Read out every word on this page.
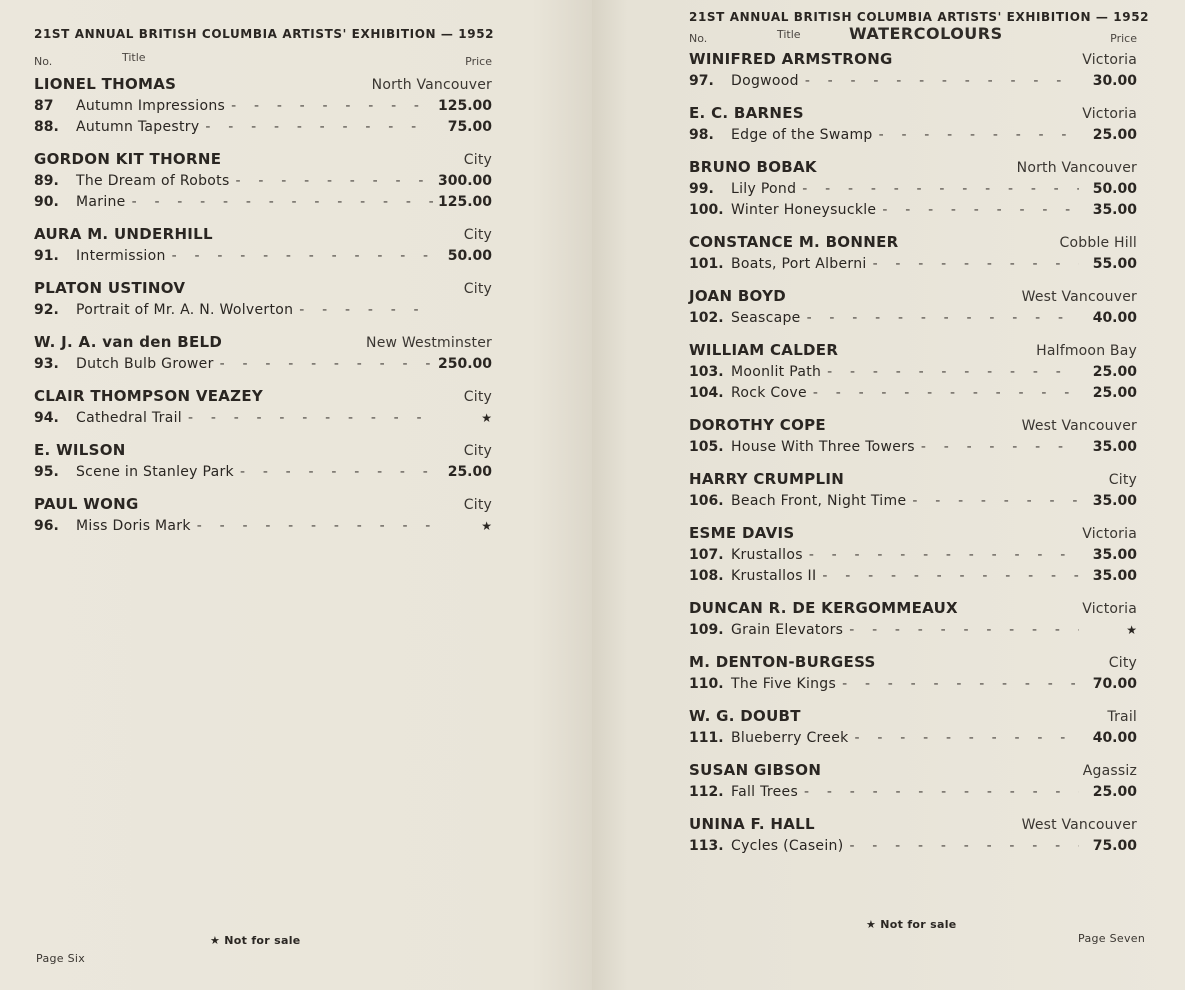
21ST ANNUAL BRITISH COLUMBIA ARTISTS' EXHIBITION — 1952
No.	Title	Price
LIONEL THOMAS	North Vancouver
87	Autumn Impressions -	125.00
88.	Autumn Tapestry -	75.00
GORDON KIT THORNE	City
89.	The Dream of Robots -	300.00
90.	Marine -	125.00
AURA M. UNDERHILL	City
91.	Intermission -	50.00
PLATON USTINOV	City
92.	Portrait of Mr. A. N. Wolverton
-
W. J. A. van den BELD	New Westminster
93.	Dutch Bulb Grower -	250.00
CLAIR THOMPSON VEAZEY	City
94.	Cathedral Trail -	★
E. WILSON	City
95.	Scene in Stanley Park -	25.00
PAUL WONG	City
96.	Miss Doris Mark -	★
★ Not for sale
Page Six
21ST ANNUAL BRITISH COLUMBIA ARTISTS' EXHIBITION — 1952
No.	Title	WATERCOLOURS	Price
WINIFRED ARMSTRONG	Victoria
97.	Dogwood -	30.00
E. C. BARNES	Victoria
98.	Edge of the Swamp -	25.00
BRUNO BOBAK	North Vancouver
99.	Lily Pond -	50.00
100. Winter Honeysuckle -	35.00
CONSTANCE M. BONNER	Cobble Hill
101. Boats, Port Alberni -	55.00
JOAN BOYD	West Vancouver
102. Seascape -	40.00
WILLIAM CALDER	Halfmoon Bay
103. Moonlit Path -	25.00
104. Rock Cove -	25.00
DOROTHY COPE	West Vancouver
105. House With Three Towers -	35.00
HARRY CRUMPLIN	City
106. Beach Front, Night Time -	35.00
ESME DAVIS	Victoria
107. Krustallos -	35.00
108. Krustallos II -	35.00
DUNCAN R. DE KERGOMMEAUX	Victoria
109. Grain Elevators -	★
M. DENTON-BURGESS	City
110. The Five Kings -	70.00
W. G. DOUBT	Trail
111. Blueberry Creek -	40.00
SUSAN GIBSON	Agassiz
112. Fall Trees -	25.00
UNINA F. HALL	West Vancouver
113. Cycles (Casein) -	75.00
★ Not for sale
Page Seven
